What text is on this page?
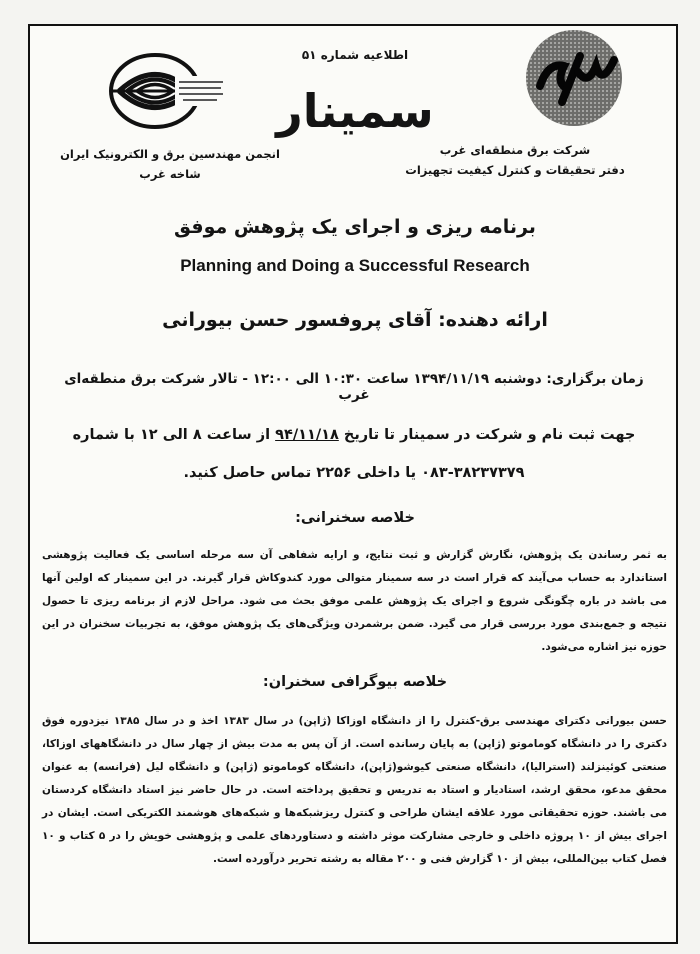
اطلاعیه شماره ۵۱
سمینار
انجمن مهندسین برق و الکترونیک ایران
شاخه غرب
شرکت برق منطقه‌ای غرب
دفتر تحقیقات و کنترل کیفیت تجهیزات
برنامه ریزی و اجرای یک پژوهش موفق
Planning and Doing a Successful Research
ارائه دهنده: آقای پروفسور حسن بیورانی
زمان برگزاری: دوشنبه ۱۳۹۴/۱۱/۱۹ ساعت ۱۰:۳۰ الی ۱۲:۰۰ - تالار شرکت برق منطقه‌ای غرب
جهت ثبت نام و شرکت در سمینار تا تاریخ ۹۴/۱۱/۱۸ از ساعت ۸ الی ۱۲ با شماره
۰۸۳-۳۸۲۳۷۳۷۹ یا داخلی ۲۲۵۶ تماس حاصل کنید.
خلاصه سخنرانی:
به ثمر رساندن یک پژوهش، نگارش گزارش و ثبت نتایج، و ارایه شفاهی آن سه مرحله اساسی یک فعالیت پژوهشی استاندارد به حساب می‌آیند که قرار است در سه سمینار متوالی مورد کندوکاش قرار گیرند. در این سمینار که اولین آنها می باشد در باره چگونگی شروع و اجرای یک پژوهش علمی موفق بحث می شود. مراحل لازم از برنامه ریزی تا حصول نتیجه و جمع‌بندی مورد بررسی قرار می گیرد. ضمن برشمردن ویژگی‌های یک پژوهش موفق، به تجربیات سخنران در این حوزه نیز اشاره می‌شود.
خلاصه بیوگرافی سخنران:
حسن بیورانی دکترای مهندسی برق-کنترل را از دانشگاه اوزاکا (ژاپن) در سال ۱۳۸۳ اخذ و در سال ۱۳۸۵ نیزدوره فوق دکتری را در دانشگاه کوماموتو (ژاپن) به پایان رسانده است. از آن پس به مدت بیش از چهار سال در دانشگاههای اوزاکا، صنعتی کوئینزلند (استرالیا)، دانشگاه صنعتی کیوشو(ژاپن)، دانشگاه کوماموتو (ژاپن) و دانشگاه لیل (فرانسه) به عنوان محقق مدعو، محقق ارشد، استادیار و استاد به تدریس و تحقیق پرداخته است. در حال حاضر نیز استاد دانشگاه کردستان می باشند. حوزه تحقیقاتی مورد علاقه ایشان طراحی و کنترل ریزشبکه‌ها و شبکه‌های هوشمند الکتریکی است. ایشان در اجرای بیش از ۱۰ پروژه داخلی و خارجی مشارکت موثر داشته و دستاوردهای علمی و پژوهشی خویش را در ۵ کتاب و ۱۰ فصل کتاب بین‌المللی، بیش از ۱۰ گزارش فنی و ۲۰۰ مقاله به رشته تحریر درآورده است.
